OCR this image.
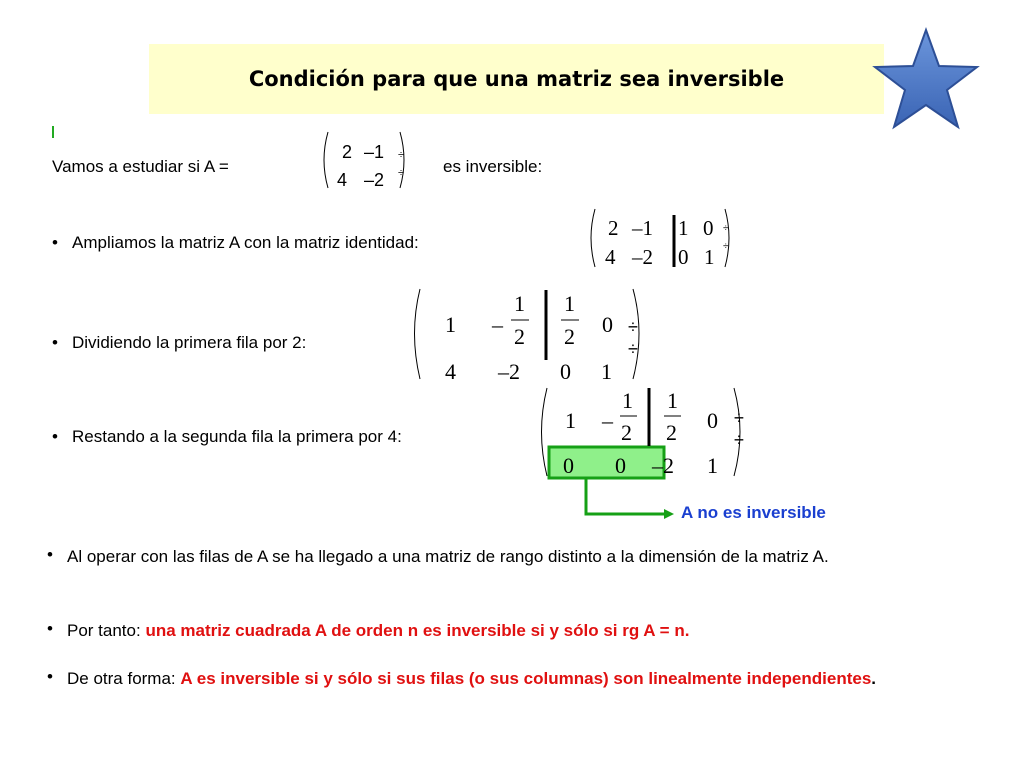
Condición para que una matriz sea inversible
Vamos a estudiar si A =
2 –1
4 –2
÷
÷ es inversible:
• Ampliamos la matriz A con la matriz identidad:
2 –1 1 0
4 –2 0 1
÷
÷
• Dividiendo la primera fila por 2:
1 –
1
2
1
2 0
4 –2 0 1
÷
÷
• Restando a la segunda fila la primera por 4:
1 –
1
2
1
2 0
0 0 –2 1
÷
÷
A no es inversible
• Al operar con las filas de A se ha llegado a una matriz de rango distinto a la dimensión de la matriz A.
• Por tanto: una matriz cuadrada A de orden n es inversible si y sólo si rg A = n.
• De otra forma: A es inversible si y sólo si sus filas (o sus columnas) son linealmente independientes.
